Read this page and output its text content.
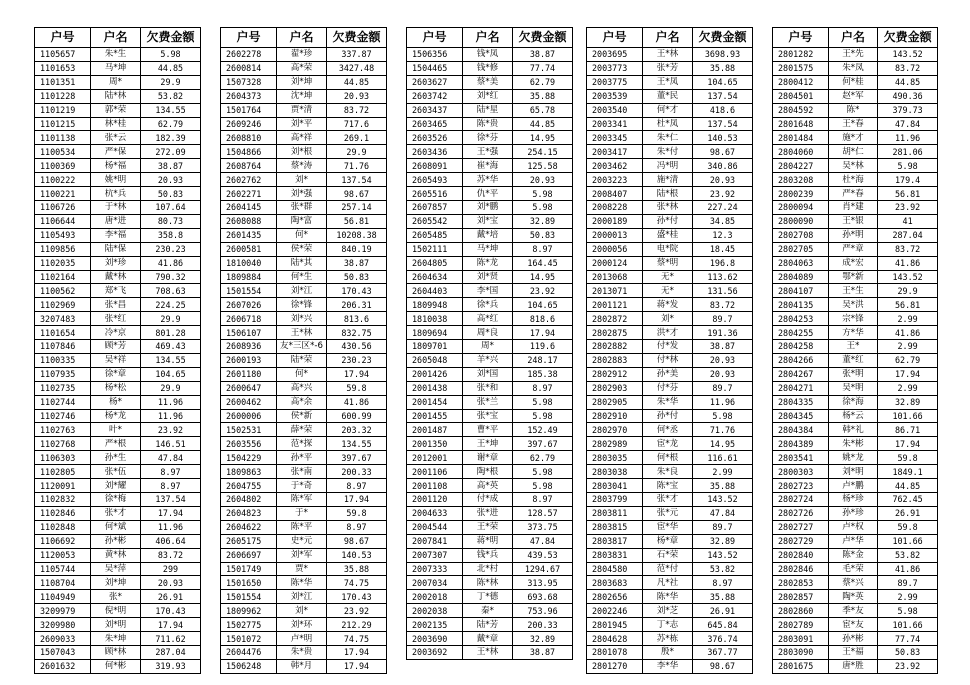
户号	户名	欠费金额
1105657	朱*生	5.98
1101653	马*坤	44.85
1101351	周*	29.9
1101228	陆*林	53.82
1101219	郭*荣	134.55
1101215	林*桂	62.79
1101138	张*云	182.39
1100534	严*保	272.09
1100369	杨*福	38.87
1100222	姚*明	20.93
1100221	杭*兵	50.83
1106726	于*林	107.64
1106644	唐*进	80.73
1105493	李*福	358.8
1109856	陆*保	230.23
1102035	刘*珍	41.86
1102164	戴*林	790.32
1100562	郑*飞	708.63
1102969	张*昌	224.25
3207483	张*红	29.9
1101654	冷*京	801.28
1107846	顾*芳	469.43
1100335	吴*祥	134.55
1107935	徐*章	104.65
1102735	杨*松	29.9
1102744	杨*	11.96
1102746	杨*龙	11.96
1102763	叶*	23.92
1102768	严*根	146.51
1106303	孙*生	47.84
1102805	张*伍	8.97
1120091	刘*耀	8.97
1102832	徐*梅	137.54
1102846	张*才	17.94
1102848	何*斌	11.96
1106692	孙*彬	406.64
1120053	黄*林	83.72
1105744	吴*萍	299
1108704	刘*坤	20.93
1104949	张*	26.91
3209979	倪*明	170.43
3209980	刘*明	17.94
2609033	朱*坤	711.62
1507043	顾*林	287.04
2601632	何*彬	319.93
户号	户名	欠费金额
2602278	翟*珍	337.87
2600814	高*荣	3427.48
1507328	刘*坤	44.85
2604373	沈*坤	20.93
1501764	贾*清	83.72
2609246	刘*平	717.6
2608810	高*祥	269.1
1504866	刘*根	29.9
2608764	蔡*涛	71.76
2602762	刘*	137.54
2602271	刘*强	98.67
2604145	张*群	257.14
2608088	陶*富	56.81
2601435	何*	10208.38
2600581	侯*荣	840.19
1810040	陆*其	38.87
1809884	何*生	50.83
1501554	刘*江	170.43
2607026	徐*锋	206.31
2606718	刘*兴	813.6
1506107	王*林	832.75
2608936	友*三区*-6	430.56
2600193	陆*荣	230.23
2601180	何*	17.94
2600647	高*兴	59.8
2600462	高*余	41.86
2600006	侯*新	600.99
1502531	薛*荣	203.32
2603556	范*探	134.55
1504229	孙*平	397.67
1809863	张*南	200.33
2604755	于*奇	8.97
2604802	陈*军	17.94
2604823	于*	59.8
2604622	陈*平	8.97
2605175	史*元	98.67
2606697	刘*军	140.53
1501749	贾*	35.88
1501650	陈*华	74.75
1501554	刘*江	170.43
1809962	刘*	23.92
1502775	刘*环	212.29
1501072	卢*明	74.75
2604476	朱*贵	17.94
1506248	韩*月	17.94
户号	户名	欠费金额
1506356	钱*凤	38.87
1504465	钱*修	77.74
2603627	蔡*美	62.79
2603742	刘*红	35.88
2603437	陆*星	65.78
2603465	陈*贵	44.85
2603526	徐*芬	14.95
2603436	王*强	254.15
2608091	崔*海	125.58
2605493	苏*华	20.93
2605516	仇*平	5.98
2607857	刘*鹏	5.98
2605542	刘*宝	32.89
2605485	戴*培	50.83
1502111	马*坤	8.97
2604805	陈*龙	164.45
2604634	刘*贤	14.95
2604403	李*国	23.92
1809948	徐*兵	104.65
1810038	高*红	818.6
1809694	周*良	17.94
1809701	周*	119.6
2605048	羊*兴	248.17
2001426	刘*国	185.38
2001438	张*和	8.97
2001454	张*兰	5.98
2001455	张*宝	5.98
2001487	曹*平	152.49
2001350	王*坤	397.67
2012001	谢*章	62.79
2001106	陶*根	5.98
2001108	高*英	5.98
2001120	付*成	8.97
2004633	张*进	128.57
2004544	王*荣	373.75
2007841	蒋*明	47.84
2007307	钱*兵	439.53
2007333	北*村	1294.67
2007034	陈*林	313.95
2002018	丁*德	693.68
2002038	秦*	753.96
2002135	陆*芳	200.33
2003690	戴*章	32.89
2003692	王*林	38.87
户号	户名	欠费金额
2003695	王*林	3698.93
2003773	张*芳	35.88
2003775	王*凤	104.65
2003539	董*民	137.54
2003540	何*才	418.6
2003341	杜*凤	137.54
2003345	朱*仁	140.53
2003417	朱*付	98.67
2003462	冯*明	340.86
2003223	施*清	20.93
2008407	陆*根	23.92
2008228	张*林	227.24
2000189	孙*付	34.85
2000013	盛*桂	12.3
2000056	电*院	18.45
2000124	蔡*明	196.8
2013068	无*	113.62
2013071	无*	131.56
2001121	蒋*发	83.72
2802872	刘*	89.7
2802875	洪*才	191.36
2802882	付*发	38.87
2802883	付*林	20.93
2802912	孙*美	20.93
2802903	付*芬	89.7
2802905	朱*华	11.96
2802910	孙*付	5.98
2802970	何*丞	71.76
2802989	宦*龙	14.95
2803035	何*根	116.61
2803038	朱*良	2.99
2803041	陈*宝	35.88
2803799	张*才	143.52
2803811	张*元	47.84
2803815	宦*华	89.7
2803817	杨*章	32.89
2803831	石*荣	143.52
2804580	范*付	53.82
2803683	凡*社	8.97
2802656	陈*华	35.88
2002246	刘*芝	26.91
2801945	丁*志	645.84
2804628	苏*栋	376.74
2801078	殷*	367.77
2801270	李*华	98.67
户号	户名	欠费金额
2801282	王*先	143.52
2801575	朱*凤	83.72
2800412	何*桂	44.85
2804501	赵*军	490.36
2804592	陈*	379.73
2801648	王*春	47.84
2801484	施*才	11.96
2804060	胡*仁	281.06
2804227	吴*林	5.98
2803208	杜*海	179.4
2800239	严*春	56.81
2800094	肖*建	23.92
2800090	王*银	41
2802708	孙*明	287.04
2802705	严*章	83.72
2804063	成*宏	41.86
2804089	鄂*新	143.52
2804107	王*生	29.9
2804135	吴*洪	56.81
2804253	宗*锋	2.99
2804255	方*华	41.86
2804258	王*	2.99
2804266	董*红	62.79
2804267	张*明	17.94
2804271	吴*明	2.99
2804335	徐*海	32.89
2804345	杨*云	101.66
2804384	韩*礼	86.71
2804389	朱*彬	17.94
2803541	姚*龙	59.8
2800303	刘*明	1849.1
2802723	卢*鹏	44.85
2802724	杨*珍	762.45
2802726	孙*珍	26.91
2802727	卢*权	59.8
2802729	卢*华	101.66
2802840	陈*金	53.82
2802846	毛*荣	41.86
2802853	蔡*兴	89.7
2802857	陶*英	2.99
2802860	季*友	5.98
2802789	宦*友	101.66
2803091	孙*彬	77.74
2803090	王*福	50.83
2801675	唐*胜	23.92
